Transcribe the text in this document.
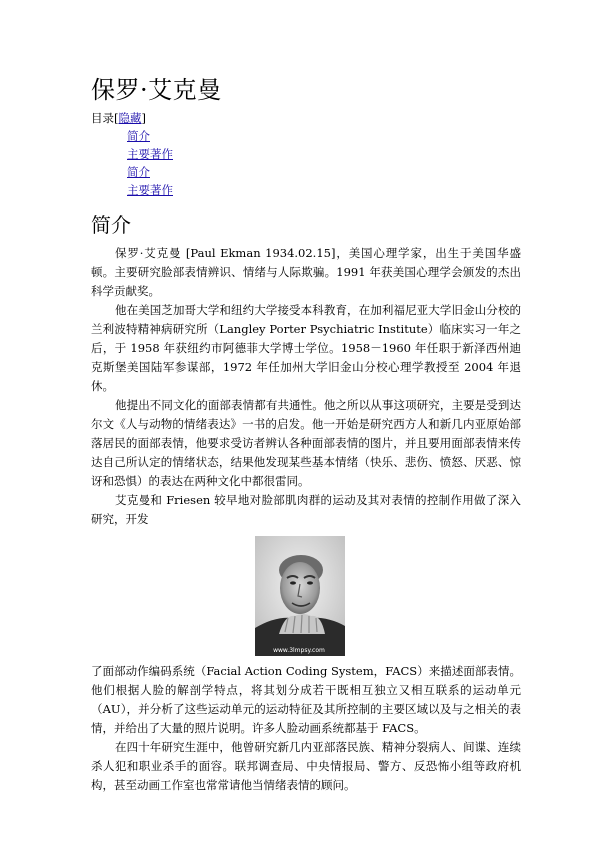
保罗·艾克曼
目录[隐藏]
简介
主要著作
简介
主要著作
简介

保罗·艾克曼 [Paul Ekman 1934.02.15]，美国心理学家，出生于美国华盛顿。主要研究脸部表情辨识、情绪与人际欺骗。1991 年获美国心理学会颁发的杰出科学贡献奖。

他在美国芝加哥大学和纽约大学接受本科教育，在加利福尼亚大学旧金山分校的兰利波特精神病研究所（Langley Porter Psychiatric Institute）临床实习一年之后，于 1958 年获纽约市阿德菲大学博士学位。1958－1960 年任职于新泽西州迪克斯堡美国陆军参谋部，1972 年任加州大学旧金山分校心理学教授至 2004 年退休。

他提出不同文化的面部表情都有共通性。他之所以从事这项研究，主要是受到达尔文《人与动物的情绪表达》一书的启发。他一开始是研究西方人和新几内亚原始部落居民的面部表情，他要求受访者辨认各种面部表情的图片，并且要用面部表情来传达自己所认定的情绪状态，结果他发现某些基本情绪（快乐、悲伤、愤怒、厌恶、惊讶和恐惧）的表达在两种文化中都很雷同。

艾克曼和 Friesen 较早地对脸部肌肉群的运动及其对表情的控制作用做了深入研究，开发

www.3lmpsy.com

了面部动作编码系统（Facial Action Coding System，FACS）来描述面部表情。他们根据人脸的解剖学特点，将其划分成若干既相互独立又相互联系的运动单元（AU），并分析了这些运动单元的运动特征及其所控制的主要区域以及与之相关的表情，并给出了大量的照片说明。许多人脸动画系统都基于 FACS。

在四十年研究生涯中，他曾研究新几内亚部落民族、精神分裂病人、间谍、连续杀人犯和职业杀手的面容。联邦调查局、中央情报局、警方、反恐怖小组等政府机构，甚至动画工作室也常常请他当情绪表情的顾问。
